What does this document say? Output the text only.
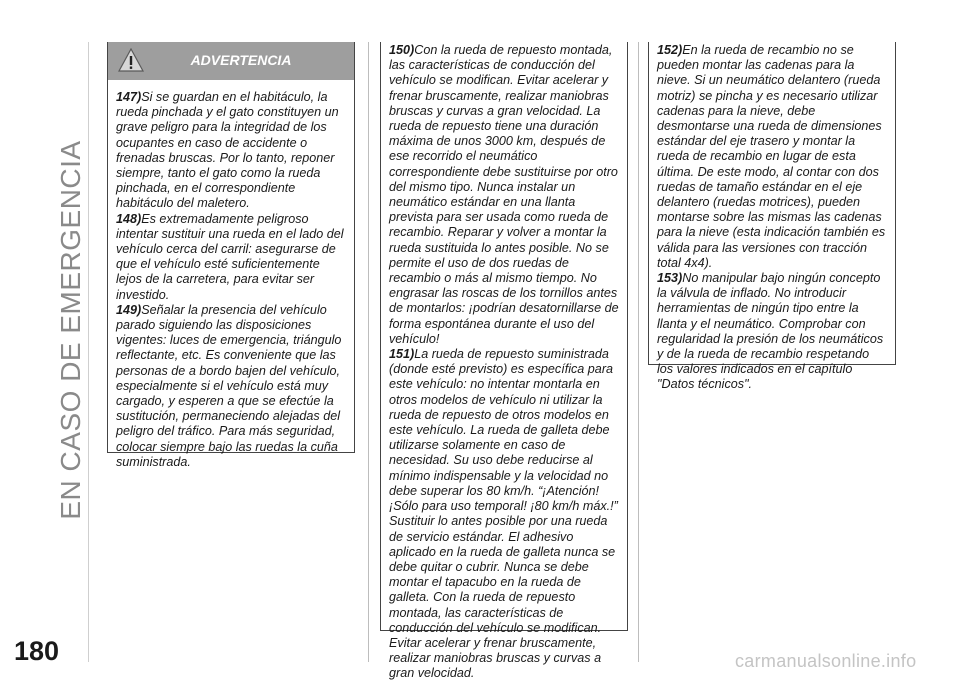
EN CASO DE EMERGENCIA
ADVERTENCIA

147)Si se guardan en el habitáculo, la rueda pinchada y el gato constituyen un grave peligro para la integridad de los ocupantes en caso de accidente o frenadas bruscas. Por lo tanto, reponer siempre, tanto el gato como la rueda pinchada, en el correspondiente habitáculo del maletero.

148)Es extremadamente peligroso intentar sustituir una rueda en el lado del vehículo cerca del carril: asegurarse de que el vehículo esté suficientemente lejos de la carretera, para evitar ser investido.

149)Señalar la presencia del vehículo parado siguiendo las disposiciones vigentes: luces de emergencia, triángulo reflectante, etc. Es conveniente que las personas de a bordo bajen del vehículo, especialmente si el vehículo está muy cargado, y esperen a que se efectúe la sustitución, permaneciendo alejadas del peligro del tráfico. Para más seguridad, colocar siempre bajo las ruedas la cuña suministrada.

150)Con la rueda de repuesto montada, las características de conducción del vehículo se modifican. Evitar acelerar y frenar bruscamente, realizar maniobras bruscas y curvas a gran velocidad. La rueda de repuesto tiene una duración máxima de unos 3000 km, después de ese recorrido el neumático correspondiente debe sustituirse por otro del mismo tipo. Nunca instalar un neumático estándar en una llanta prevista para ser usada como rueda de recambio. Reparar y volver a montar la rueda sustituida lo antes posible. No se permite el uso de dos ruedas de recambio o más al mismo tiempo. No engrasar las roscas de los tornillos antes de montarlos: ¡podrían desatornillarse de forma espontánea durante el uso del vehículo!

151)La rueda de repuesto suministrada (donde esté previsto) es específica para este vehículo: no intentar montarla en otros modelos de vehículo ni utilizar la rueda de repuesto de otros modelos en este vehículo. La rueda de galleta debe utilizarse solamente en caso de necesidad. Su uso debe reducirse al mínimo indispensable y la velocidad no debe superar los 80 km/h. “¡Atención! ¡Sólo para uso temporal! ¡80 km/h máx.!” Sustituir lo antes posible por una rueda de servicio estándar. El adhesivo aplicado en la rueda de galleta nunca se debe quitar o cubrir. Nunca se debe montar el tapacubo en la rueda de galleta. Con la rueda de repuesto montada, las características de conducción del vehículo se modifican. Evitar acelerar y frenar bruscamente, realizar maniobras bruscas y curvas a gran velocidad.

152)En la rueda de recambio no se pueden montar las cadenas para la nieve. Si un neumático delantero (rueda motriz) se pincha y es necesario utilizar cadenas para la nieve, debe desmontarse una rueda de dimensiones estándar del eje trasero y montar la rueda de recambio en lugar de esta última. De este modo, al contar con dos ruedas de tamaño estándar en el eje delantero (ruedas motrices), pueden montarse sobre las mismas las cadenas para la nieve (esta indicación también es válida para las versiones con tracción total 4x4).

153)No manipular bajo ningún concepto la válvula de inflado. No introducir herramientas de ningún tipo entre la llanta y el neumático. Comprobar con regularidad la presión de los neumáticos y de la rueda de recambio respetando los valores indicados en el capítulo "Datos técnicos".

180	carmanualsonline.info
